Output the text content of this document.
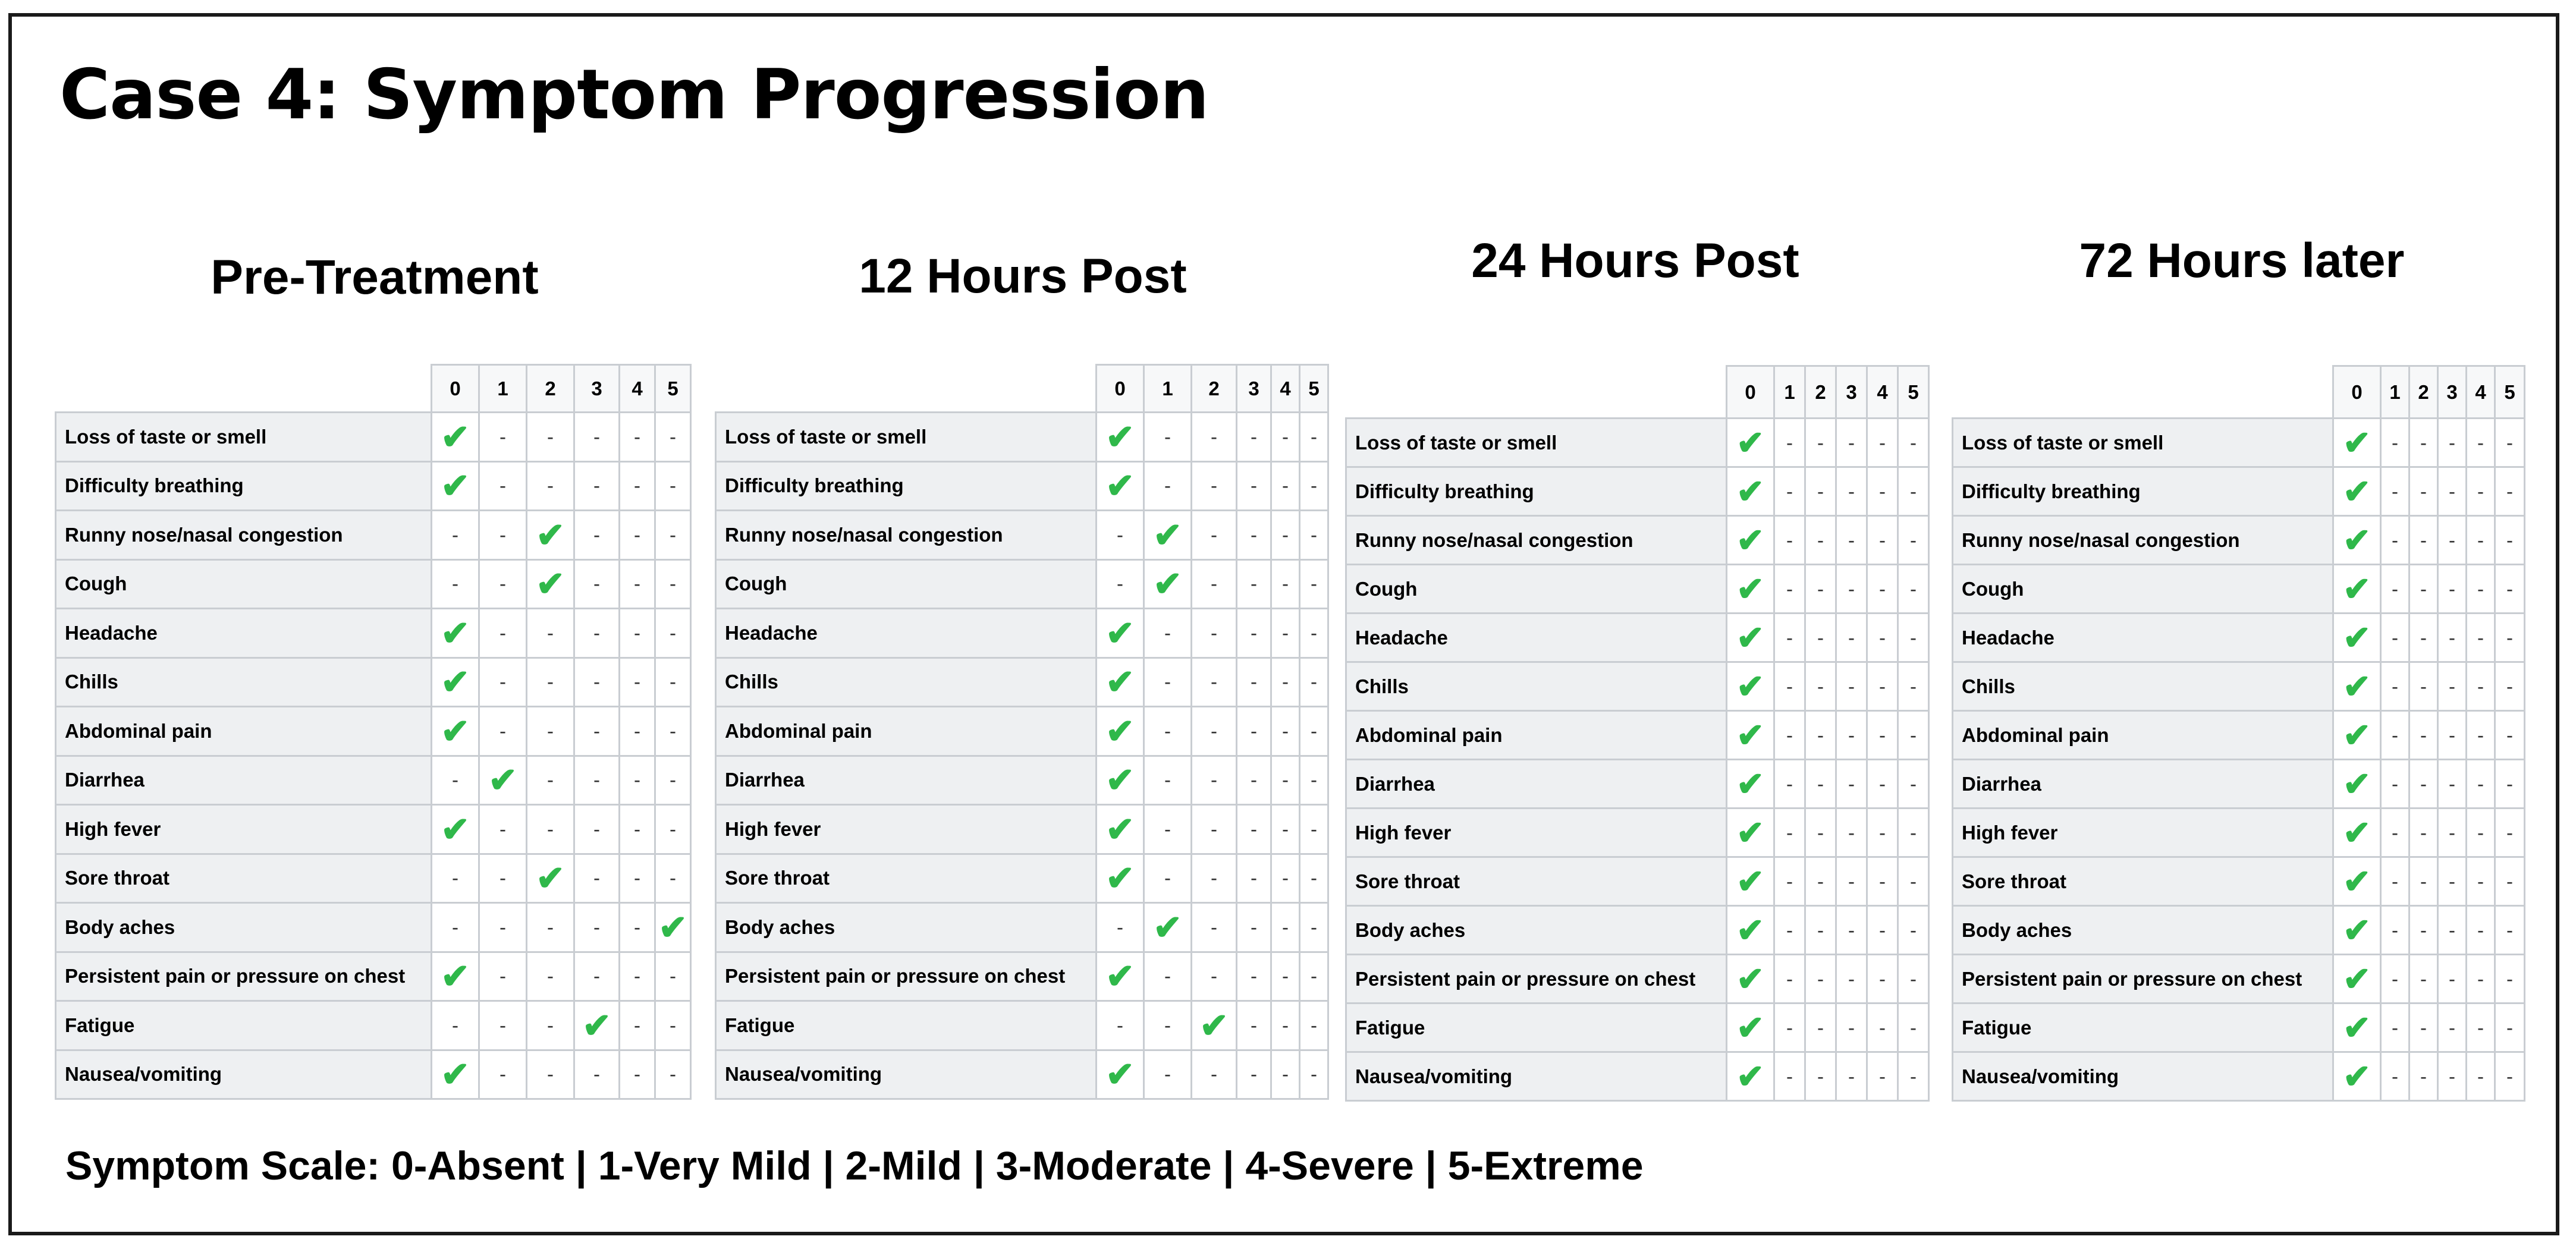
Case 4: Symptom Progression
Pre-Treatment
	0	1	2	3	4	5
Loss of taste or smell	✔	-	-	-	-	-
Difficulty breathing	✔	-	-	-	-	-
Runny nose/nasal congestion	-	-	✔	-	-	-
Cough	-	-	✔	-	-	-
Headache	✔	-	-	-	-	-
Chills	✔	-	-	-	-	-
Abdominal pain	✔	-	-	-	-	-
Diarrhea	-	✔	-	-	-	-
High fever	✔	-	-	-	-	-
Sore throat	-	-	✔	-	-	-
Body aches	-	-	-	-	-	✔
Persistent pain or pressure on chest	✔	-	-	-	-	-
Fatigue	-	-	-	✔	-	-
Nausea/vomiting	✔	-	-	-	-	-
12 Hours Post
	0	1	2	3	4	5
Loss of taste or smell	✔	-	-	-	-	-
Difficulty breathing	✔	-	-	-	-	-
Runny nose/nasal congestion	-	✔	-	-	-	-
Cough	-	✔	-	-	-	-
Headache	✔	-	-	-	-	-
Chills	✔	-	-	-	-	-
Abdominal pain	✔	-	-	-	-	-
Diarrhea	✔	-	-	-	-	-
High fever	✔	-	-	-	-	-
Sore throat	✔	-	-	-	-	-
Body aches	-	✔	-	-	-	-
Persistent pain or pressure on chest	✔	-	-	-	-	-
Fatigue	-	-	✔	-	-	-
Nausea/vomiting	✔	-	-	-	-	-
24 Hours Post
	0	1	2	3	4	5
Loss of taste or smell	✔	-	-	-	-	-
Difficulty breathing	✔	-	-	-	-	-
Runny nose/nasal congestion	✔	-	-	-	-	-
Cough	✔	-	-	-	-	-
Headache	✔	-	-	-	-	-
Chills	✔	-	-	-	-	-
Abdominal pain	✔	-	-	-	-	-
Diarrhea	✔	-	-	-	-	-
High fever	✔	-	-	-	-	-
Sore throat	✔	-	-	-	-	-
Body aches	✔	-	-	-	-	-
Persistent pain or pressure on chest	✔	-	-	-	-	-
Fatigue	✔	-	-	-	-	-
Nausea/vomiting	✔	-	-	-	-	-
72 Hours later
	0	1	2	3	4	5
Loss of taste or smell	✔	-	-	-	-	-
Difficulty breathing	✔	-	-	-	-	-
Runny nose/nasal congestion	✔	-	-	-	-	-
Cough	✔	-	-	-	-	-
Headache	✔	-	-	-	-	-
Chills	✔	-	-	-	-	-
Abdominal pain	✔	-	-	-	-	-
Diarrhea	✔	-	-	-	-	-
High fever	✔	-	-	-	-	-
Sore throat	✔	-	-	-	-	-
Body aches	✔	-	-	-	-	-
Persistent pain or pressure on chest	✔	-	-	-	-	-
Fatigue	✔	-	-	-	-	-
Nausea/vomiting	✔	-	-	-	-	-

Symptom Scale: 0-Absent | 1-Very Mild | 2-Mild | 3-Moderate | 4-Severe | 5-Extreme
